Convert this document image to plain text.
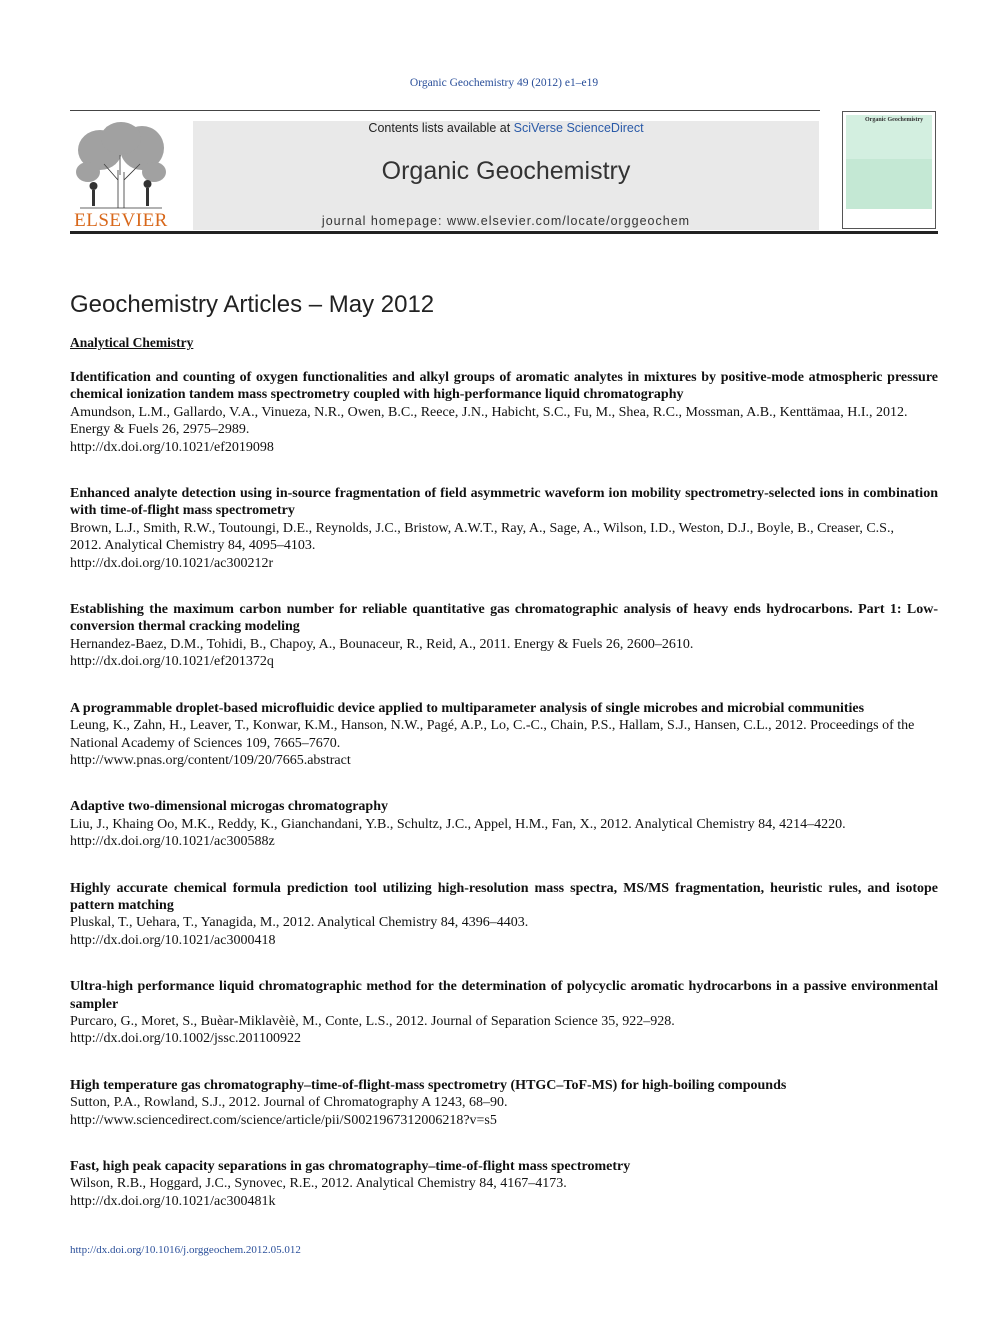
Organic Geochemistry 49 (2012) e1–e19
ELSEVIER
Contents lists available at SciVerse ScienceDirect
Organic Geochemistry
journal homepage: www.elsevier.com/locate/orggeochem
Organic Geochemistry
Geochemistry Articles – May 2012
Analytical Chemistry
Identification and counting of oxygen functionalities and alkyl groups of aromatic analytes in mixtures by positive-mode atmospheric pressure chemical ionization tandem mass spectrometry coupled with high-performance liquid chromatography
Amundson, L.M., Gallardo, V.A., Vinueza, N.R., Owen, B.C., Reece, J.N., Habicht, S.C., Fu, M., Shea, R.C., Mossman, A.B., Kenttämaa, H.I., 2012.
Energy & Fuels 26, 2975–2989.
http://dx.doi.org/10.1021/ef2019098
Enhanced analyte detection using in-source fragmentation of field asymmetric waveform ion mobility spectrometry-selected ions in combination with time-of-flight mass spectrometry
Brown, L.J., Smith, R.W., Toutoungi, D.E., Reynolds, J.C., Bristow, A.W.T., Ray, A., Sage, A., Wilson, I.D., Weston, D.J., Boyle, B., Creaser, C.S.,
2012. Analytical Chemistry 84, 4095–4103.
http://dx.doi.org/10.1021/ac300212r
Establishing the maximum carbon number for reliable quantitative gas chromatographic analysis of heavy ends hydrocarbons. Part 1: Low-conversion thermal cracking modeling
Hernandez-Baez, D.M., Tohidi, B., Chapoy, A., Bounaceur, R., Reid, A., 2011. Energy & Fuels 26, 2600–2610.
http://dx.doi.org/10.1021/ef201372q
A programmable droplet-based microfluidic device applied to multiparameter analysis of single microbes and microbial communities
Leung, K., Zahn, H., Leaver, T., Konwar, K.M., Hanson, N.W., Pagé, A.P., Lo, C.-C., Chain, P.S., Hallam, S.J., Hansen, C.L., 2012. Proceedings of the
National Academy of Sciences 109, 7665–7670.
http://www.pnas.org/content/109/20/7665.abstract
Adaptive two-dimensional microgas chromatography
Liu, J., Khaing Oo, M.K., Reddy, K., Gianchandani, Y.B., Schultz, J.C., Appel, H.M., Fan, X., 2012. Analytical Chemistry 84, 4214–4220.
http://dx.doi.org/10.1021/ac300588z
Highly accurate chemical formula prediction tool utilizing high-resolution mass spectra, MS/MS fragmentation, heuristic rules, and isotope pattern matching
Pluskal, T., Uehara, T., Yanagida, M., 2012. Analytical Chemistry 84, 4396–4403.
http://dx.doi.org/10.1021/ac3000418
Ultra-high performance liquid chromatographic method for the determination of polycyclic aromatic hydrocarbons in a passive environmental sampler
Purcaro, G., Moret, S., Buèar-Miklavèiè, M., Conte, L.S., 2012. Journal of Separation Science 35, 922–928.
http://dx.doi.org/10.1002/jssc.201100922
High temperature gas chromatography–time-of-flight-mass spectrometry (HTGC–ToF-MS) for high-boiling compounds
Sutton, P.A., Rowland, S.J., 2012. Journal of Chromatography A 1243, 68–90.
http://www.sciencedirect.com/science/article/pii/S0021967312006218?v=s5
Fast, high peak capacity separations in gas chromatography–time-of-flight mass spectrometry
Wilson, R.B., Hoggard, J.C., Synovec, R.E., 2012. Analytical Chemistry 84, 4167–4173.
http://dx.doi.org/10.1021/ac300481k
http://dx.doi.org/10.1016/j.orggeochem.2012.05.012
